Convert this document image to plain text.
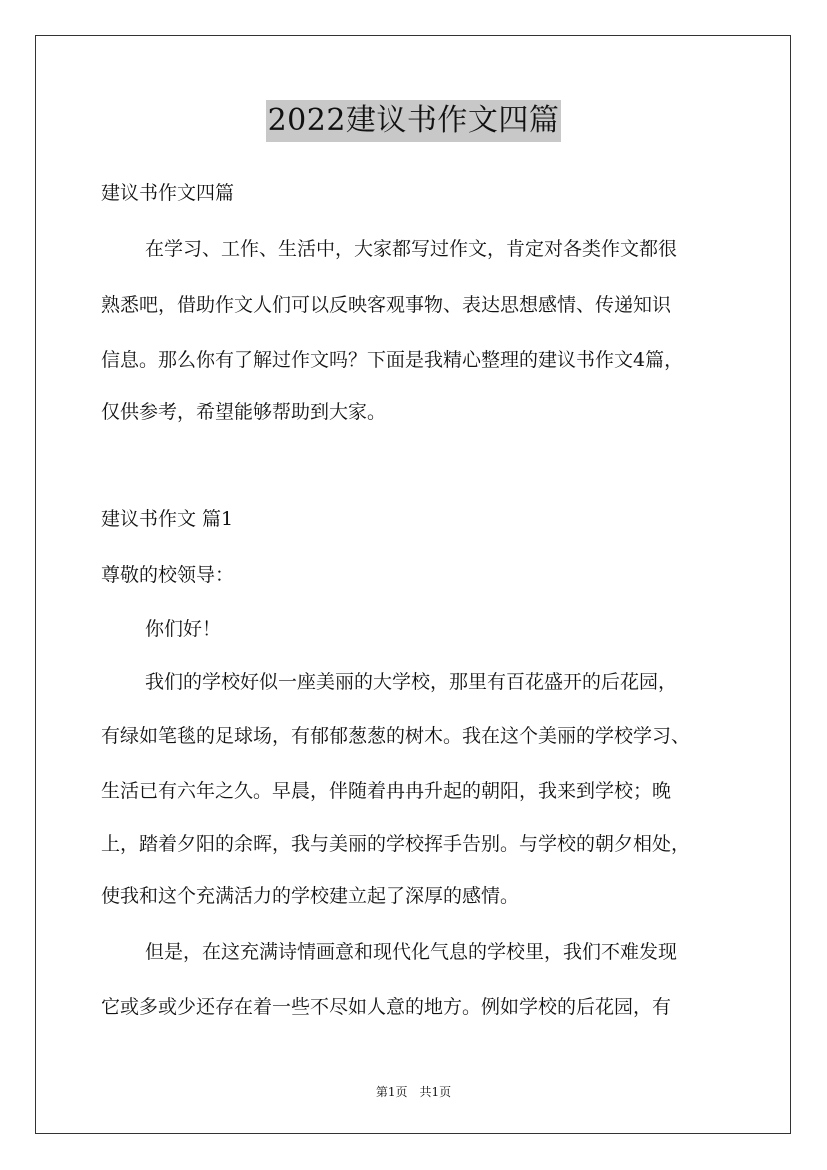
2022建议书作文四篇
建议书作文四篇
在学习、工作、生活中，大家都写过作文，肯定对各类作文都很
熟悉吧，借助作文人们可以反映客观事物、表达思想感情、传递知识
信息。那么你有了解过作文吗？下面是我精心整理的建议书作文4篇，
仅供参考，希望能够帮助到大家。
建议书作文 篇1
尊敬的校领导：
你们好！
我们的学校好似一座美丽的大学校，那里有百花盛开的后花园，
有绿如笔毯的足球场，有郁郁葱葱的树木。我在这个美丽的学校学习、
生活已有六年之久。早晨，伴随着冉冉升起的朝阳，我来到学校；晚
上，踏着夕阳的余晖，我与美丽的学校挥手告别。与学校的朝夕相处，
使我和这个充满活力的学校建立起了深厚的感情。
但是，在这充满诗情画意和现代化气息的学校里，我们不难发现
它或多或少还存在着一些不尽如人意的地方。例如学校的后花园，有
第1页　共1页
